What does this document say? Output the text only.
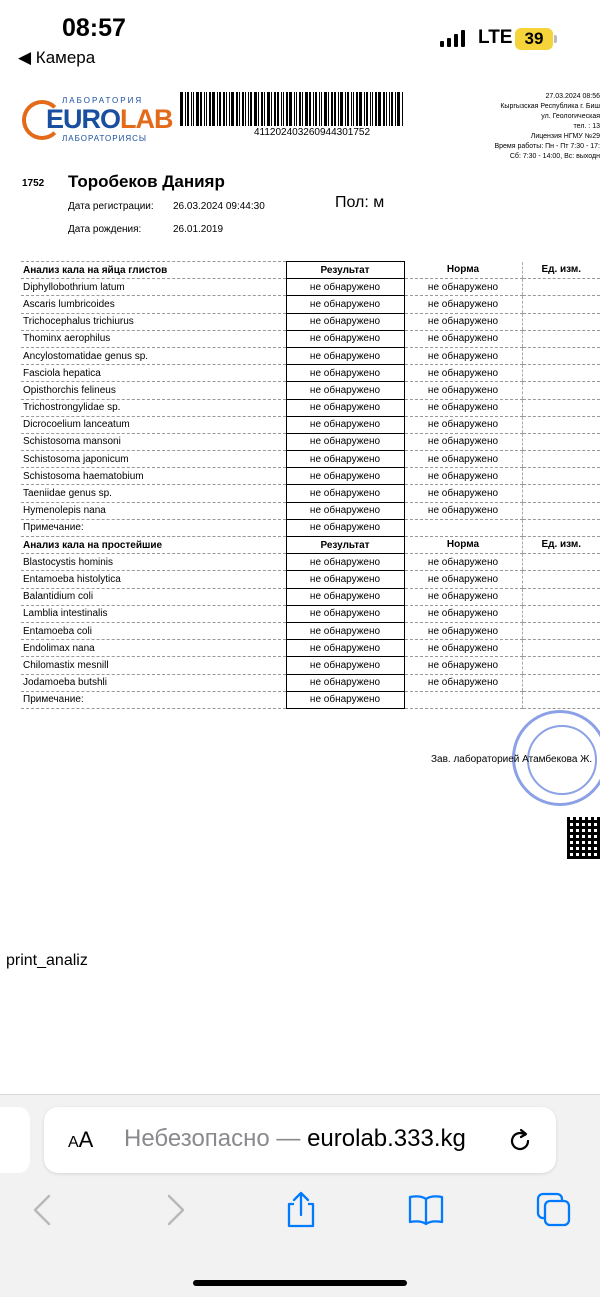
08:57
◀ Камера
LTE 39
ЛАБОРАТОРИЯ
EUROLAB
ЛАБОРАТОРИЯСЫ
411202403260944301752
27.03.2024 08:56
Кыргызская Республика г. Биш
ул. Геологическая
тел. : 13
Лицензия НГМУ №29
Время работы: Пн - Пт 7:30 - 17:
Сб: 7:30 - 14:00, Вс: выходн
1752 Торобеков Данияр
Дата регистрации: 26.03.2024 09:44:30
Дата рождения:	26.01.2019
Пол: м
Анализ кала на яйца глистов	Результат	Норма	Ед. изм.
Diphyllobothrium latum	не обнаружено	не обнаружено	
Ascaris lumbricoides	не обнаружено	не обнаружено	
Trichocephalus trichiurus	не обнаружено	не обнаружено	
Thominx aerophilus	не обнаружено	не обнаружено	
Ancylostomatidae genus sp.	не обнаружено	не обнаружено	
Fasciola hepatica	не обнаружено	не обнаружено	
Opisthorchis felineus	не обнаружено	не обнаружено	
Trichostrongylidae sp.	не обнаружено	не обнаружено	
Dicrocoelium lanceatum	не обнаружено	не обнаружено	
Schistosoma mansoni	не обнаружено	не обнаружено	
Schistosoma japonicum	не обнаружено	не обнаружено	
Schistosoma haematobium	не обнаружено	не обнаружено	
Taeniidae genus sp.	не обнаружено	не обнаружено	
Hymenolepis nana	не обнаружено	не обнаружено	
Примечание:	не обнаружено		
Анализ кала на простейшие	Результат	Норма	Ед. изм.
Blastocystis hominis	не обнаружено	не обнаружено	
Entamoeba histolytica	не обнаружено	не обнаружено	
Balantidium coli	не обнаружено	не обнаружено	
Lamblia intestinalis	не обнаружено	не обнаружено	
Entamoeba coli	не обнаружено	не обнаружено	
Endolimax nana	не обнаружено	не обнаружено	
Chilomastix mesnill	не обнаружено	не обнаружено	
Jodamoeba butshli	не обнаружено	не обнаружено	
Примечание:	не обнаружено		
Зав. лабораторией Атамбекова Ж.
print_analiz
AA Небезопасно — eurolab.333.kg
